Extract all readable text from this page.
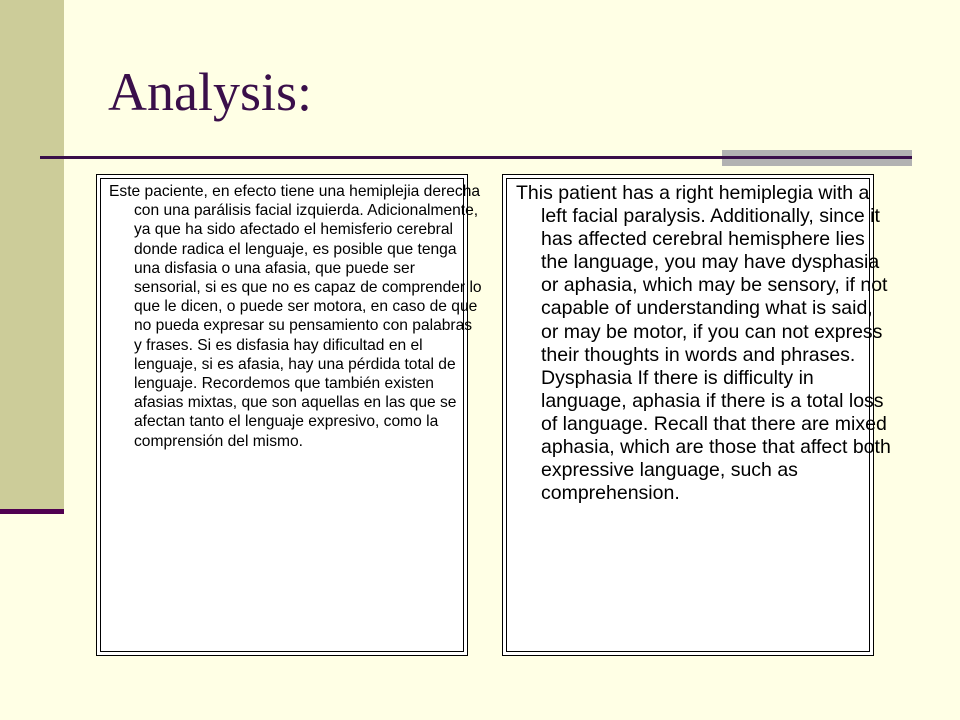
Analysis:

Este paciente, en efecto tiene una hemiplejia derecha con una parálisis facial izquierda. Adicionalmente, ya que ha sido afectado el hemisferio cerebral donde radica el lenguaje, es posible que tenga una disfasia o una afasia, que puede ser sensorial, si es que no es capaz de comprender lo que le dicen, o puede ser motora, en caso de que no pueda expresar su pensamiento con palabras y frases. Si es disfasia hay dificultad en el lenguaje, si es afasia, hay una pérdida total de lenguaje. Recordemos que también existen afasias mixtas, que son aquellas en las que se afectan tanto el lenguaje expresivo, como la comprensión del mismo.

This patient has a right hemiplegia with a left facial paralysis. Additionally, since it has affected cerebral hemisphere lies the language, you may have dysphasia or aphasia, which may be sensory, if not capable of understanding what is said, or may be motor, if you can not express their thoughts in words and phrases. Dysphasia If there is difficulty in language, aphasia if there is a total loss of language. Recall that there are mixed aphasia, which are those that affect both expressive language, such as comprehension.
